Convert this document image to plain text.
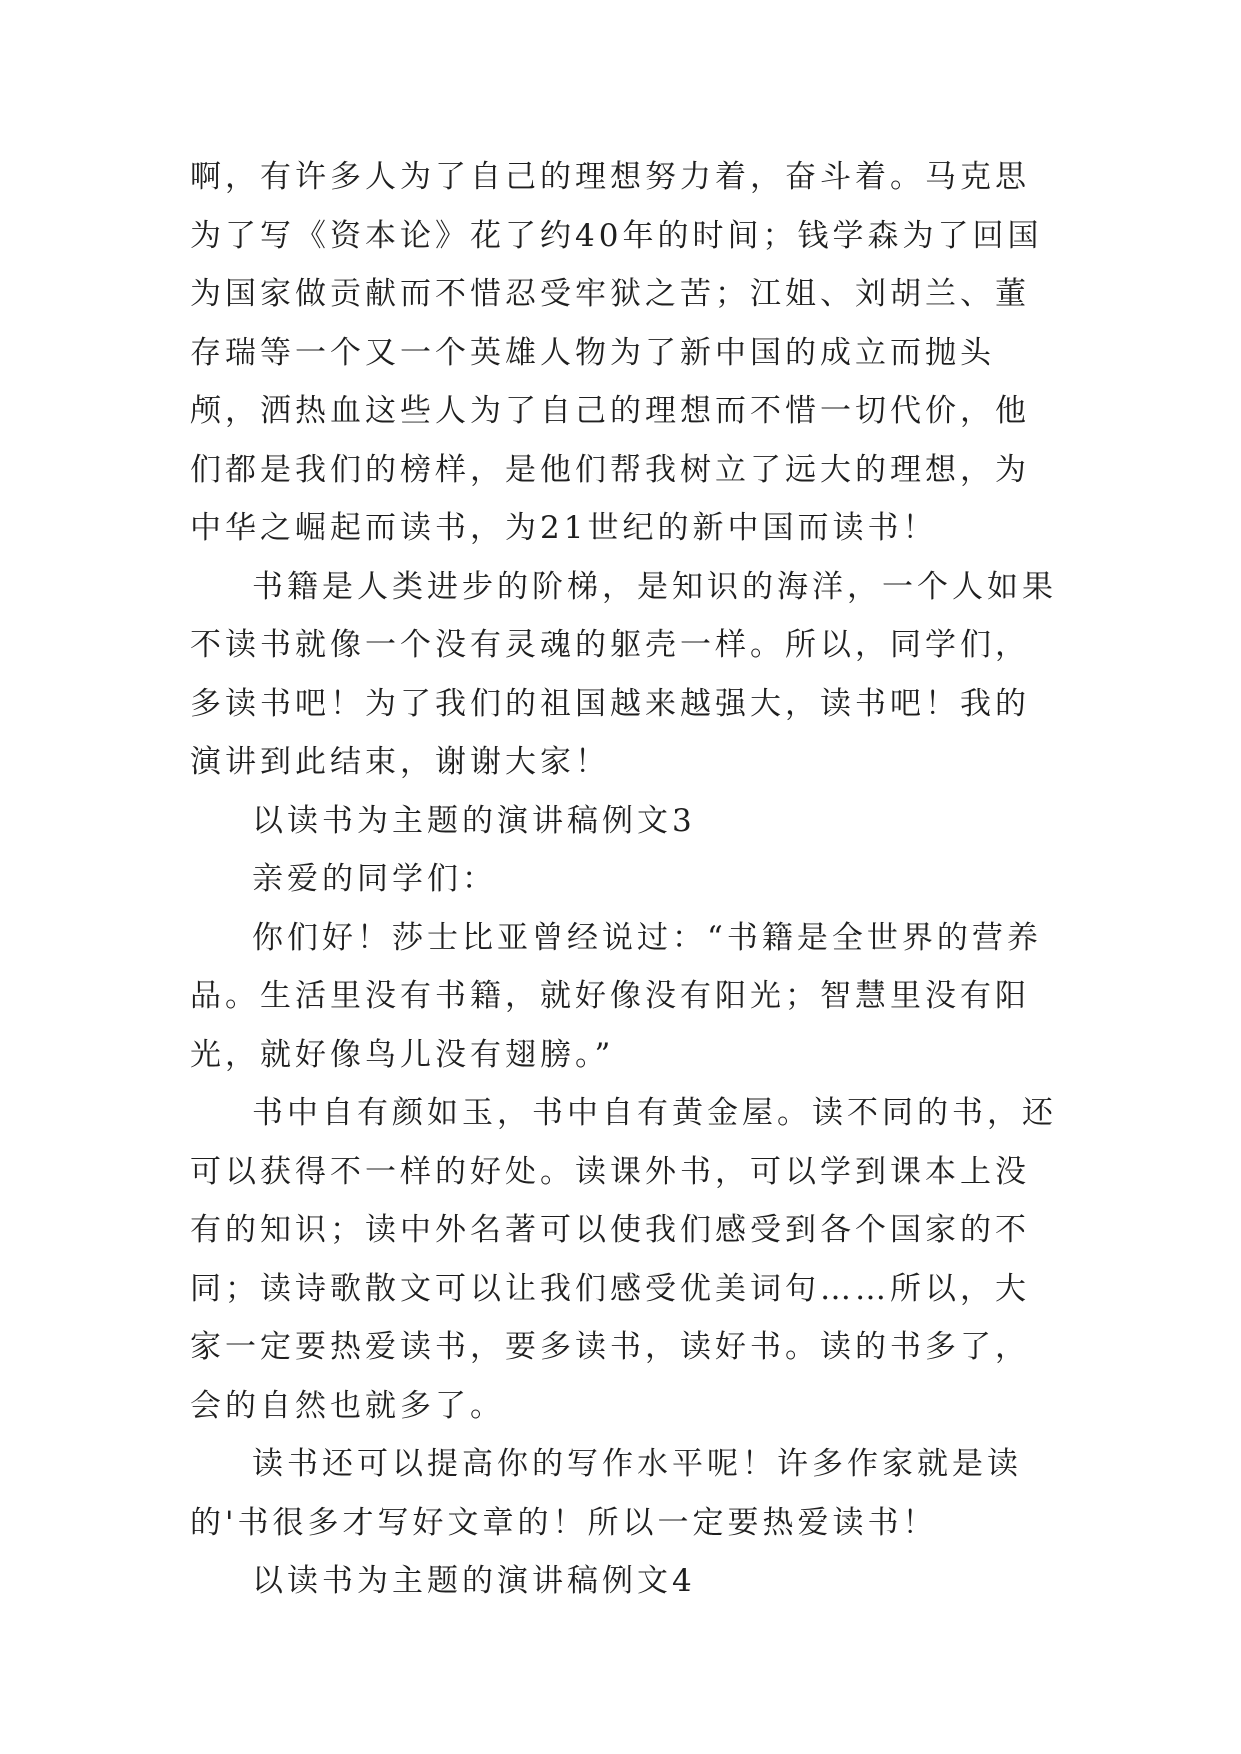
啊，有许多人为了自己的理想努力着，奋斗着。马克思为了写《资本论》花了约40年的时间；钱学森为了回国为国家做贡献而不惜忍受牢狱之苦；江姐、刘胡兰、董存瑞等一个又一个英雄人物为了新中国的成立而抛头颅，洒热血这些人为了自己的理想而不惜一切代价，他们都是我们的榜样，是他们帮我树立了远大的理想，为中华之崛起而读书，为21世纪的新中国而读书！

书籍是人类进步的阶梯，是知识的海洋，一个人如果不读书就像一个没有灵魂的躯壳一样。所以，同学们，多读书吧！为了我们的祖国越来越强大，读书吧！我的演讲到此结束，谢谢大家！

以读书为主题的演讲稿例文3

亲爱的同学们：

你们好！莎士比亚曾经说过：“书籍是全世界的营养品。生活里没有书籍，就好像没有阳光；智慧里没有阳光，就好像鸟儿没有翅膀。”

书中自有颜如玉，书中自有黄金屋。读不同的书，还可以获得不一样的好处。读课外书，可以学到课本上没有的知识；读中外名著可以使我们感受到各个国家的不同；读诗歌散文可以让我们感受优美词句……所以，大家一定要热爱读书，要多读书，读好书。读的书多了，会的自然也就多了。

读书还可以提高你的写作水平呢！许多作家就是读的'书很多才写好文章的！所以一定要热爱读书！

以读书为主题的演讲稿例文4
